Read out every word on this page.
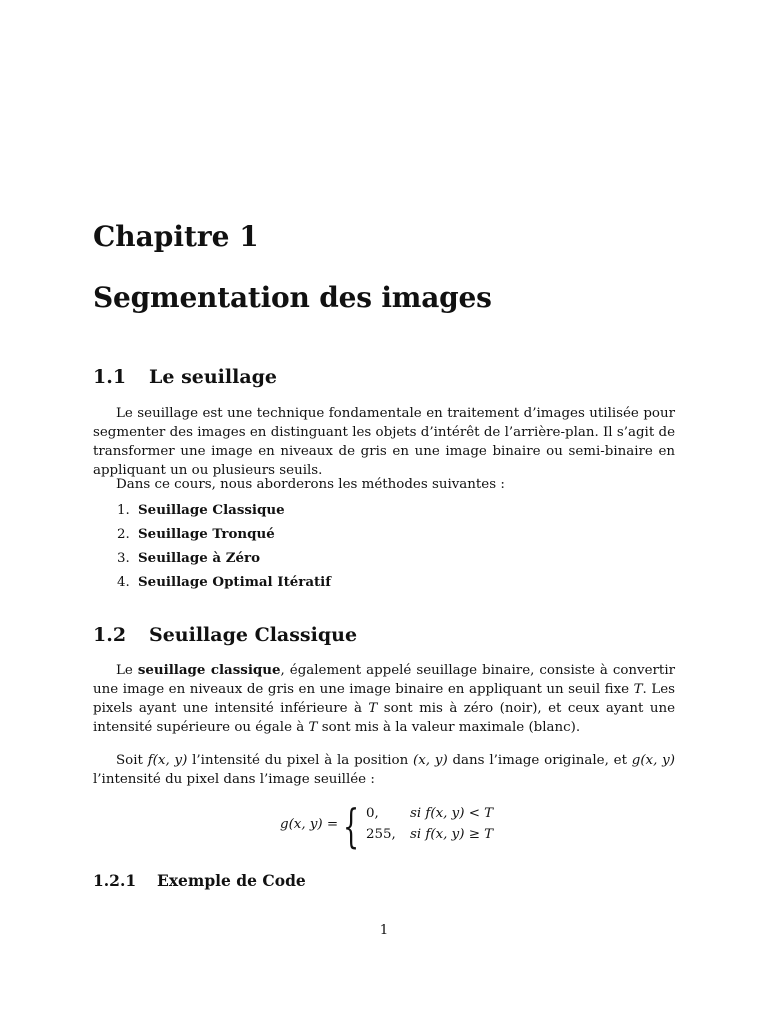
Chapitre 1
Segmentation des images
1.1 Le seuillage

Le seuillage est une technique fondamentale en traitement d’images utilisée pour segmenter des images en distinguant les objets d’intérêt de l’arrière-plan. Il s’agit de transformer une image en niveaux de gris en une image binaire ou semi-binaire en appliquant un ou plusieurs seuils.

Dans ce cours, nous aborderons les méthodes suivantes :

1. Seuillage Classique
2. Seuillage Tronqué
3. Seuillage à Zéro
4. Seuillage Optimal Itératif
1.2 Seuillage Classique

Le seuillage classique, également appelé seuillage binaire, consiste à convertir une image en niveaux de gris en une image binaire en appliquant un seuil fixe T. Les pixels ayant une intensité inférieure à T sont mis à zéro (noir), et ceux ayant une intensité supérieure ou égale à T sont mis à la valeur maximale (blanc).

Soit f(x, y) l’intensité du pixel à la position (x, y) dans l’image originale, et g(x, y) l’intensité du pixel dans l’image seuillée :

g(x, y) = { 0, si f(x, y) < T
255, si f(x, y) ≥ T
1.2.1 Exemple de Code

1
